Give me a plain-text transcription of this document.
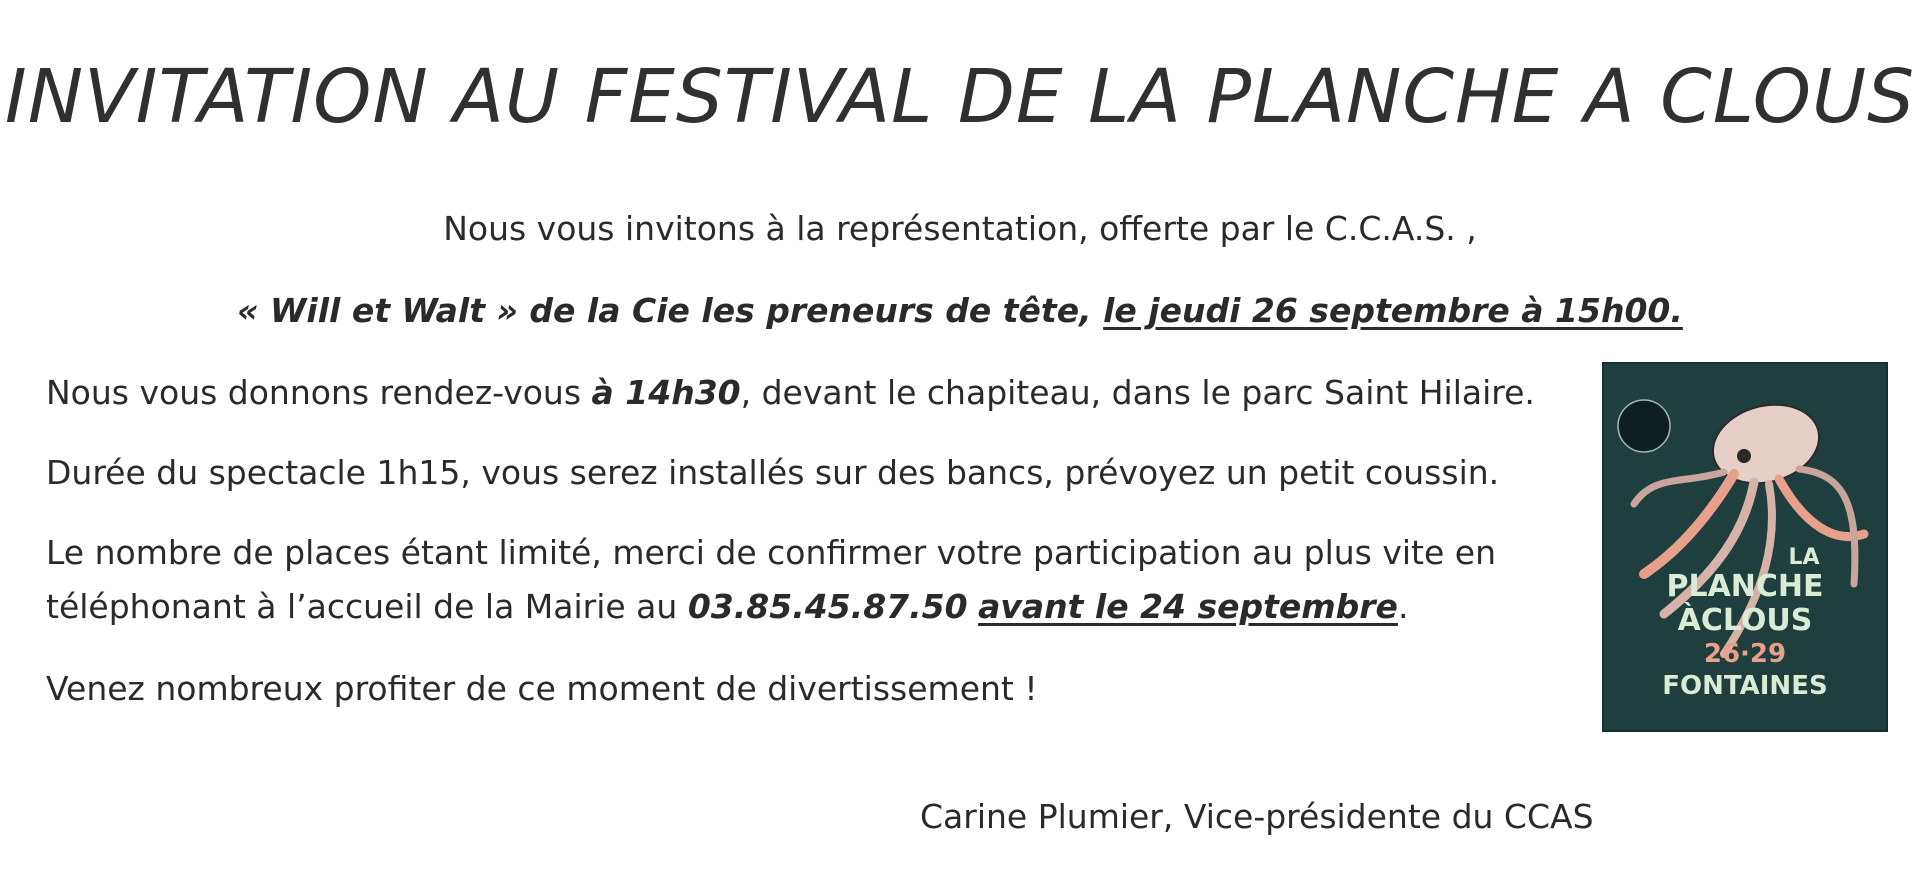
INVITATION AU FESTIVAL DE LA PLANCHE A CLOUS
Nous vous invitons à la représentation, offerte par le C.C.A.S. ,
« Will et Walt » de la Cie les preneurs de tête, le jeudi 26 septembre à 15h00.
Nous vous donnons rendez-vous à 14h30, devant le chapiteau, dans le parc Saint Hilaire.
Durée du spectacle 1h15, vous serez installés sur des bancs, prévoyez un petit coussin.
Le nombre de places étant limité, merci de confirmer votre participation au plus vite en
téléphonant à l’accueil de la Mairie au 03.85.45.87.50 avant le 24 septembre.
Venez nombreux profiter de ce moment de divertissement !
Carine Plumier, Vice-présidente du CCAS
LA
PLANCHE
ÀCLOUS
26·29
FONTAINES
